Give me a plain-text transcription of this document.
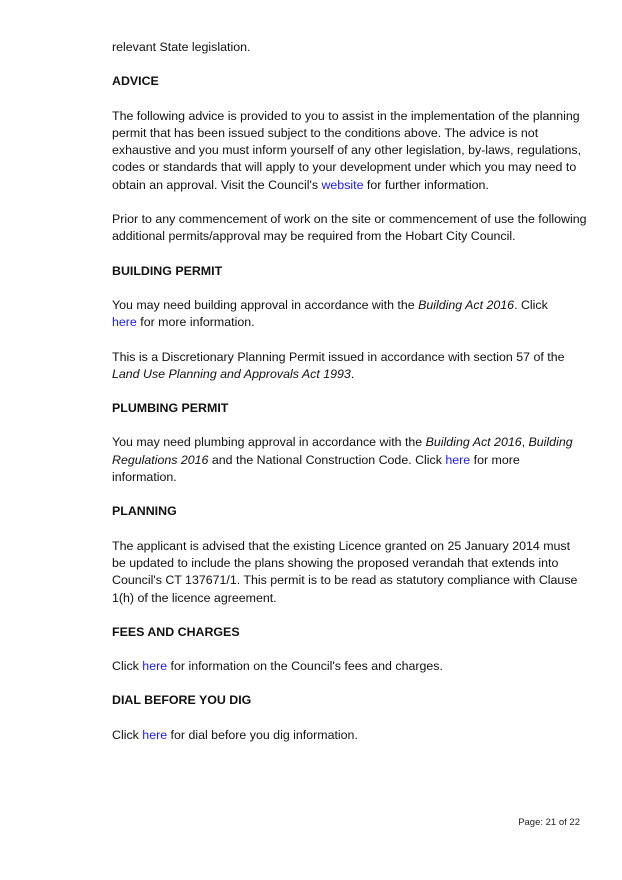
relevant State legislation.

ADVICE

The following advice is provided to you to assist in the implementation of the planning permit that has been issued subject to the conditions above. The advice is not exhaustive and you must inform yourself of any other legislation, by-laws, regulations, codes or standards that will apply to your development under which you may need to obtain an approval. Visit the Council's website for further information.

Prior to any commencement of work on the site or commencement of use the following additional permits/approval may be required from the Hobart City Council.

BUILDING PERMIT

You may need building approval in accordance with the Building Act 2016. Click
here for more information.

This is a Discretionary Planning Permit issued in accordance with section 57 of the Land Use Planning and Approvals Act 1993.

PLUMBING PERMIT

You may need plumbing approval in accordance with the Building Act 2016, Building Regulations 2016 and the National Construction Code. Click here for more information.

PLANNING

The applicant is advised that the existing Licence granted on 25 January 2014 must be updated to include the plans showing the proposed verandah that extends into Council's CT 137671/1. This permit is to be read as statutory compliance with Clause 1(h) of the licence agreement.

FEES AND CHARGES

Click here for information on the Council's fees and charges.

DIAL BEFORE YOU DIG

Click here for dial before you dig information.

Page: 21 of 22
